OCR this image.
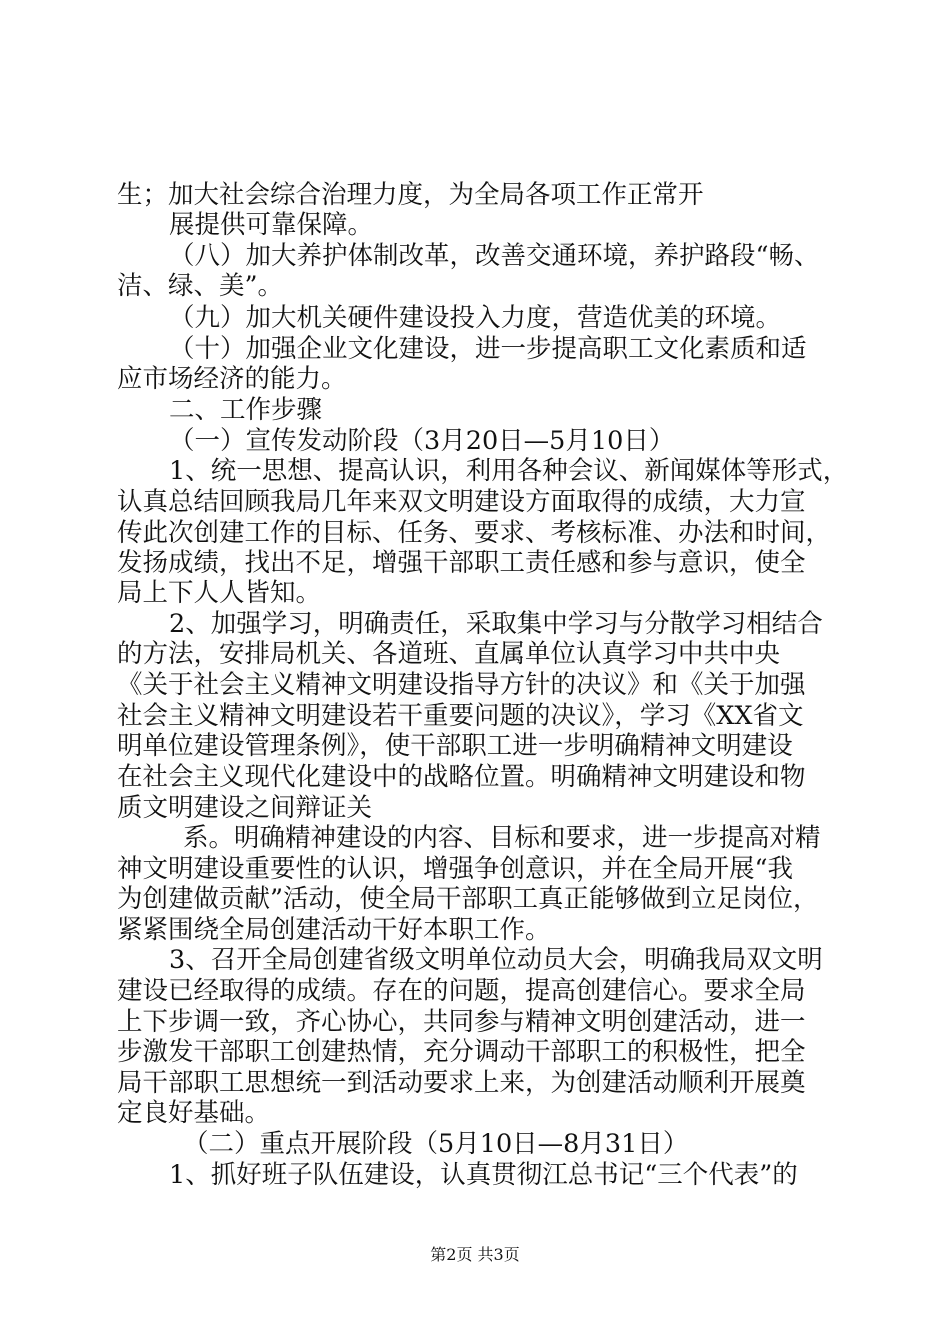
生；加大社会综合治理力度，为全局各项工作正常开
展提供可靠保障。
（八）加大养护体制改革，改善交通环境，养护路段“畅、
洁、绿、美”。
（九）加大机关硬件建设投入力度，营造优美的环境。
（十）加强企业文化建设，进一步提高职工文化素质和适
应市场经济的能力。
二、工作步骤
（一）宣传发动阶段（3月20日—5月10日）
1、统一思想、提高认识，利用各种会议、新闻媒体等形式，
认真总结回顾我局几年来双文明建设方面取得的成绩，大力宣
传此次创建工作的目标、任务、要求、考核标准、办法和时间，
发扬成绩，找出不足，增强干部职工责任感和参与意识，使全
局上下人人皆知。
2、加强学习，明确责任，采取集中学习与分散学习相结合
的方法，安排局机关、各道班、直属单位认真学习中共中央
《关于社会主义精神文明建设指导方针的决议》和《关于加强
社会主义精神文明建设若干重要问题的决议》，学习《XX省文
明单位建设管理条例》，使干部职工进一步明确精神文明建设
在社会主义现代化建设中的战略位置。明确精神文明建设和物
质文明建设之间辩证关
系。明确精神建设的内容、目标和要求，进一步提高对精
神文明建设重要性的认识，增强争创意识，并在全局开展“我
为创建做贡献”活动，使全局干部职工真正能够做到立足岗位，
紧紧围绕全局创建活动干好本职工作。
3、召开全局创建省级文明单位动员大会，明确我局双文明
建设已经取得的成绩。存在的问题，提高创建信心。要求全局
上下步调一致，齐心协心，共同参与精神文明创建活动，进一
步激发干部职工创建热情，充分调动干部职工的积极性，把全
局干部职工思想统一到活动要求上来，为创建活动顺利开展奠
定良好基础。
（二）重点开展阶段（5月10日—8月31日）
1、抓好班子队伍建设，认真贯彻江总书记“三个代表”的
第2页 共3页
